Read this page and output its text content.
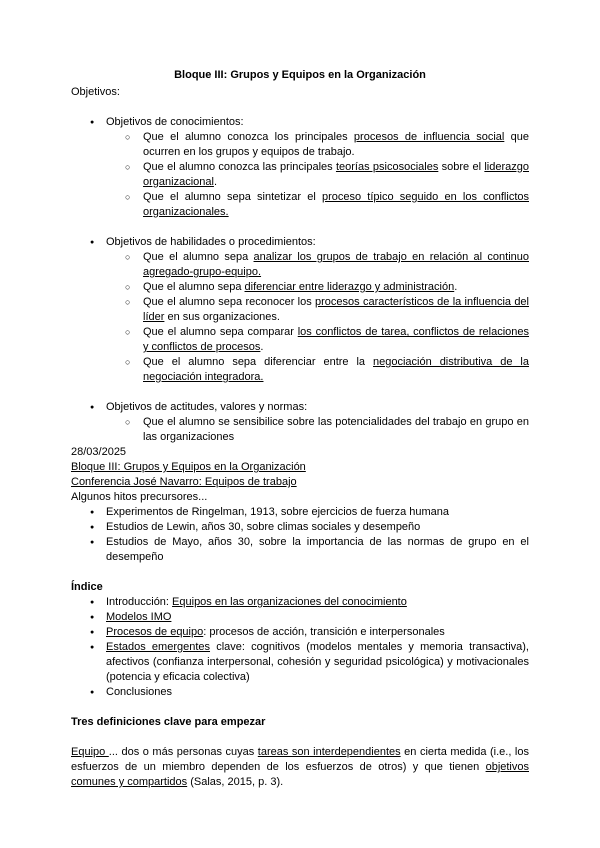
Bloque III: Grupos y Equipos en la Organización
Objetivos:
● Objetivos de conocimientos:
○ Que el alumno conozca los principales procesos de influencia social que ocurren en los grupos y equipos de trabajo.
○ Que el alumno conozca las principales teorías psicosociales sobre el liderazgo organizacional.
○ Que el alumno sepa sintetizar el proceso típico seguido en los conflictos organizacionales.
● Objetivos de habilidades o procedimientos:
○ Que el alumno sepa analizar los grupos de trabajo en relación al continuo agregado-grupo-equipo.
○ Que el alumno sepa diferenciar entre liderazgo y administración.
○ Que el alumno sepa reconocer los procesos característicos de la influencia del líder en sus organizaciones.
○ Que el alumno sepa comparar los conflictos de tarea, conflictos de relaciones y conflictos de procesos.
○ Que el alumno sepa diferenciar entre la negociación distributiva de la negociación integradora.
● Objetivos de actitudes, valores y normas:
○ Que el alumno se sensibilice sobre las potencialidades del trabajo en grupo en las organizaciones
28/03/2025
Bloque III: Grupos y Equipos en la Organización
Conferencia José Navarro: Equipos de trabajo
Algunos hitos precursores...
● Experimentos de Ringelman, 1913, sobre ejercicios de fuerza humana
● Estudios de Lewin, años 30, sobre climas sociales y desempeño
● Estudios de Mayo, años 30, sobre la importancia de las normas de grupo en el desempeño
Índice
● Introducción: Equipos en las organizaciones del conocimiento
● Modelos IMO
● Procesos de equipo: procesos de acción, transición e interpersonales
● Estados emergentes clave: cognitivos (modelos mentales y memoria transactiva), afectivos (confianza interpersonal, cohesión y seguridad psicológica) y motivacionales (potencia y eficacia colectiva)
● Conclusiones
Tres definiciones clave para empezar
Equipo ... dos o más personas cuyas tareas son interdependientes en cierta medida (i.e., los esfuerzos de un miembro dependen de los esfuerzos de otros) y que tienen objetivos comunes y compartidos (Salas, 2015, p. 3).
